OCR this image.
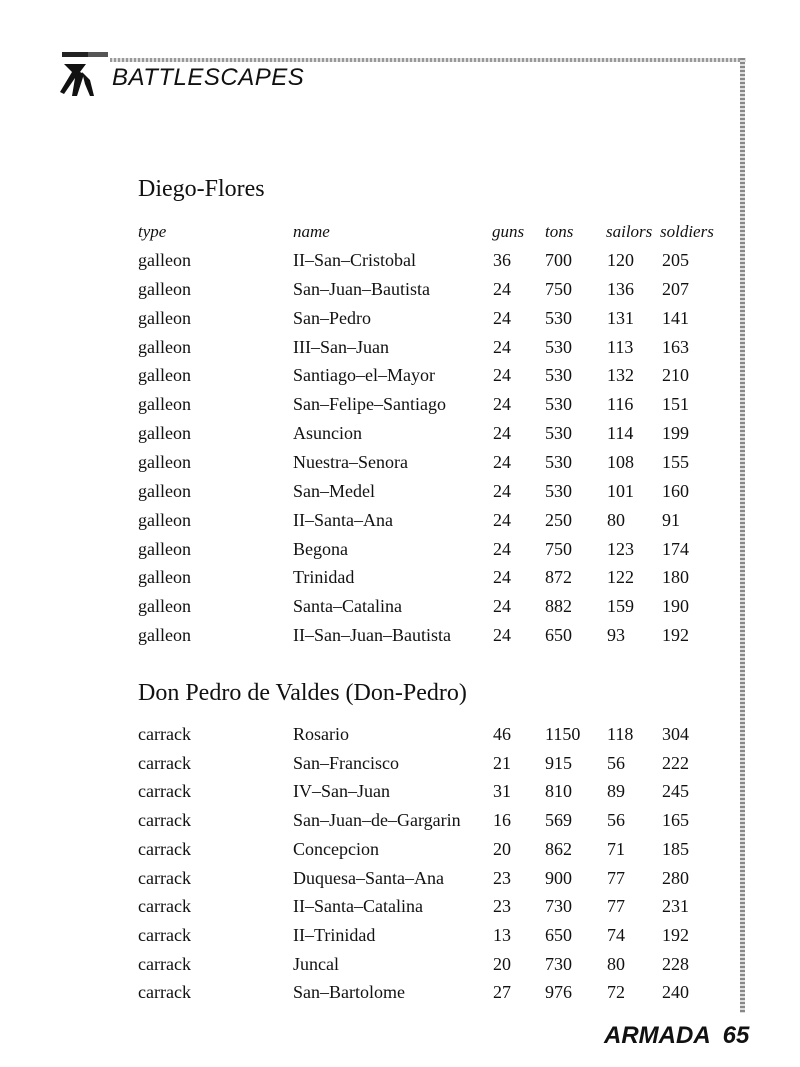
BATTLESCAPES
Diego-Flores
type	name	guns tons sailors soldiers
galleon	II–San–Cristobal	36 700 120 205
galleon	San–Juan–Bautista	24 750 136 207
galleon	San–Pedro	24 530 131 141
galleon	III–San–Juan	24 530 113 163
galleon	Santiago–el–Mayor	24 530 132 210
galleon	San–Felipe–Santiago	24 530 116 151
galleon	Asuncion	24 530 114 199
galleon	Nuestra–Senora	24 530 108 155
galleon	San–Medel	24 530 101 160
galleon	II–Santa–Ana	24 250 80 91
galleon	Begona	24 750 123 174
galleon	Trinidad	24 872 122 180
galleon	Santa–Catalina	24 882 159 190
galleon	II–San–Juan–Bautista 24 650 93 192
Don Pedro de Valdes (Don-Pedro)
carrack	Rosario	46 1150 118 304
carrack	San–Francisco	21 915 56 222
carrack	IV–San–Juan	31 810 89 245
carrack	San–Juan–de–Gargarin 16 569 56 165
carrack	Concepcion	20 862 71 185
carrack	Duquesa–Santa–Ana	23 900 77 280
carrack	II–Santa–Catalina	23 730 77 231
carrack	II–Trinidad	13 650 74 192
carrack	Juncal	20 730 80 228
carrack	San–Bartolome	27 976 72 240
ARMADA 65
